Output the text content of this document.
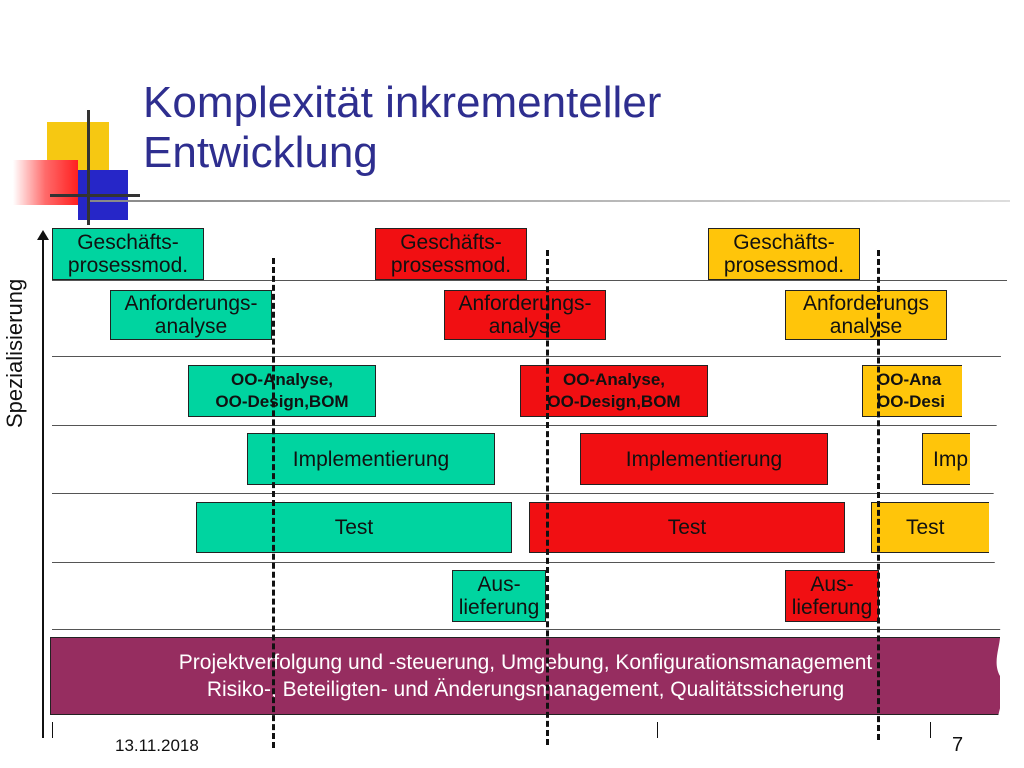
Komplexität inkrementeller
Entwicklung
Spezialisierung
Geschäfts-
prosessmod.
Anforderungs-
analyse
OO-Analyse,
OO-Design,BOM
Implementierung
Test
Aus-
lieferung
Geschäfts-
prosessmod.
Anforderungs-
analyse
OO-Analyse,
OO-Design,BOM
Implementierung
Test
Aus-
lieferung
Geschäfts-
prosessmod.
Anforderungs
analyse
OO-Ana
OO-Desi
Imp
Test
Projektverfolgung und -steuerung, Umgebung, Konfigurationsmanagement
Risiko-, Beteiligten- und Änderungsmanagement, Qualitätssicherung
13.11.2018	7
